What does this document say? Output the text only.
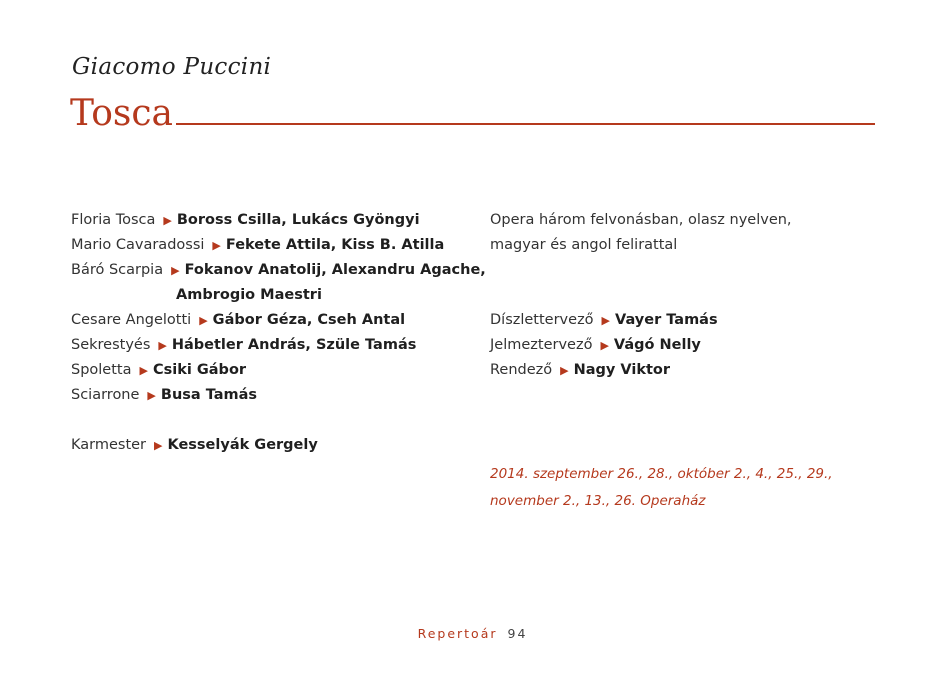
Giacomo Puccini
Tosca
Floria Tosca ▶ Boross Csilla, Lukács Gyöngyi
Mario Cavaradossi ▶ Fekete Attila, Kiss B. Atilla
Báró Scarpia ▶ Fokanov Anatolij, Alexandru Agache,
Ambrogio Maestri
Cesare Angelotti ▶ Gábor Géza, Cseh Antal
Sekrestyés ▶ Hábetler András, Szüle Tamás
Spoletta ▶ Csiki Gábor
Sciarrone ▶ Busa Tamás
Karmester ▶ Kesselyák Gergely
Opera három felvonásban, olasz nyelven,
magyar és angol felirattal
Díszlettervező ▶ Vayer Tamás
Jelmeztervező ▶ Vágó Nelly
Rendező ▶ Nagy Viktor
2014. szeptember 26., 28., október 2., 4., 25., 29.,
november 2., 13., 26. Operaház
Repertoár 94
